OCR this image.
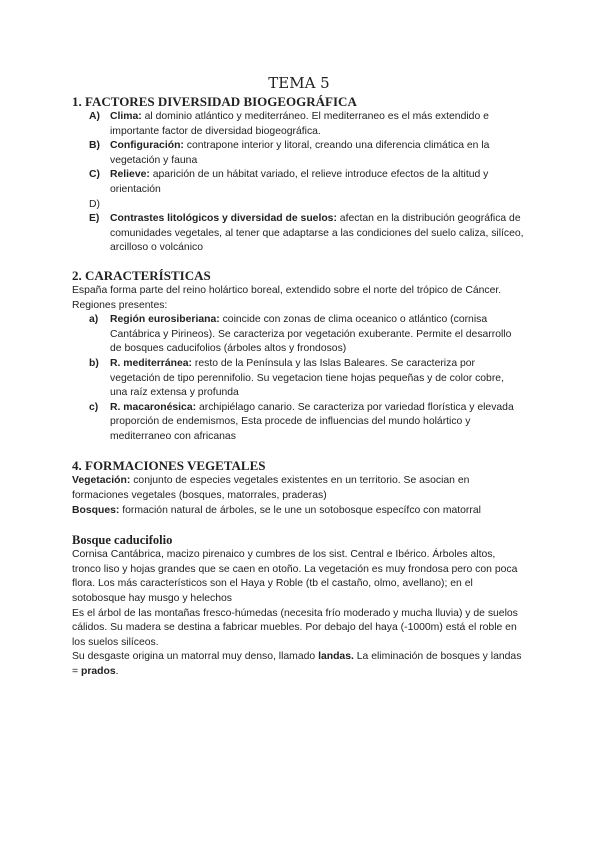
TEMA 5
1. FACTORES DIVERSIDAD BIOGEOGRÁFICA
A) Clima: al dominio atlántico y mediterráneo. El mediterraneo es el más extendido e importante factor de diversidad biogeográfica.
B) Configuración: contrapone interior y litoral, creando una diferencia climática en la vegetación y fauna
C) Relieve: aparición de un hábitat variado, el relieve introduce efectos de la altitud y orientación
D)
E) Contrastes litológicos y diversidad de suelos: afectan en la distribución geográfica de comunidades vegetales, al tener que adaptarse a las condiciones del suelo caliza, silíceo, arcilloso o volcánico
2. CARACTERÍSTICAS

España forma parte del reino holártico boreal, extendido sobre el norte del trópico de Cáncer. Regiones presentes:

a) Región eurosiberiana: coincide con zonas de clima oceanico o atlántico (cornisa Cantábrica y Pirineos). Se caracteriza por vegetación exuberante. Permite el desarrollo de bosques caducifolios (árboles altos y frondosos)
b) R. mediterránea: resto de la Península y las Islas Baleares. Se caracteriza por vegetación de tipo perennifolio. Su vegetacion tiene hojas pequeñas y de color cobre, una raíz extensa y profunda
c) R. macaronésica: archipiélago canario. Se caracteriza por variedad florística y elevada proporción de endemismos, Esta procede de influencias del mundo holártico y mediterraneo con africanas
4. FORMACIONES VEGETALES

Vegetación: conjunto de especies vegetales existentes en un territorio. Se asocian en formaciones vegetales (bosques, matorrales, praderas)

Bosques: formación natural de árboles, se le une un sotobosque específco con matorral

Bosque caducifolio

Cornisa Cantábrica, macizo pirenaico y cumbres de los sist. Central e Ibérico. Árboles altos, tronco liso y hojas grandes que se caen en otoño. La vegetación es muy frondosa pero con poca flora. Los más característicos son el Haya y Roble (tb el castaño, olmo, avellano); en el sotobosque hay musgo y helechos

Es el árbol de las montañas fresco-húmedas (necesita frío moderado y mucha lluvia) y de suelos cálidos. Su madera se destina a fabricar muebles. Por debajo del haya (-1000m) está el roble en los suelos silíceos.

Su desgaste origina un matorral muy denso, llamado landas. La eliminación de bosques y landas = prados.
